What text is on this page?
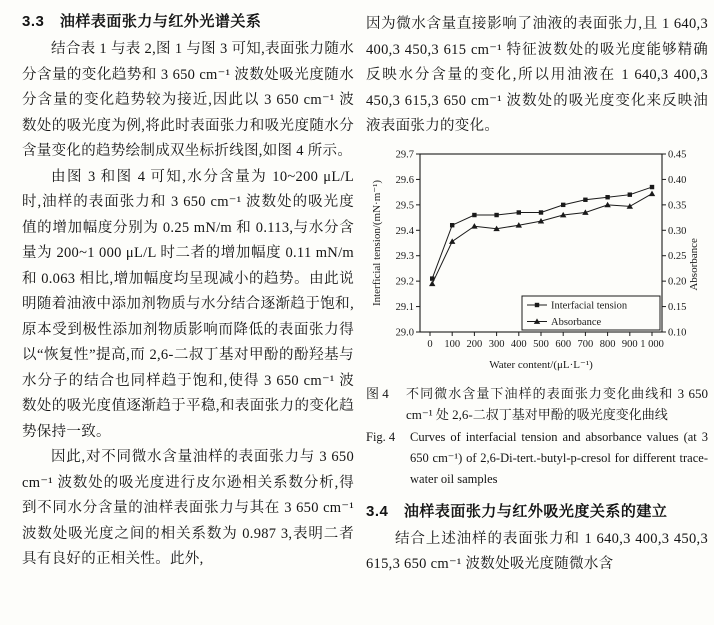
3.3　油样表面张力与红外光谱关系

结合表 1 与表 2,图 1 与图 3 可知,表面张力随水分含量的变化趋势和 3 650 cm⁻¹ 波数处吸光度随水分含量的变化趋势较为接近,因此以 3 650 cm⁻¹ 波数处的吸光度为例,将此时表面张力和吸光度随水分含量变化的趋势绘制成双坐标折线图,如图 4 所示。

由图 3 和图 4 可知,水分含量为 10~200 μL/L 时,油样的表面张力和 3 650 cm⁻¹ 波数处的吸光度值的增加幅度分别为 0.25 mN/m 和 0.113,与水分含量为 200~1 000 μL/L 时二者的增加幅度 0.11 mN/m 和 0.063 相比,增加幅度均呈现减小的趋势。由此说明随着油液中添加剂物质与水分结合逐渐趋于饱和,原本受到极性添加剂物质影响而降低的表面张力得以“恢复性”提高,而 2,6-二叔丁基对甲酚的酚羟基与水分子的结合也同样趋于饱和,使得 3 650 cm⁻¹ 波数处的吸光度值逐渐趋于平稳,和表面张力的变化趋势保持一致。

因此,对不同微水含量油样的表面张力与 3 650 cm⁻¹ 波数处的吸光度进行皮尔逊相关系数分析,得到不同水分含量的油样表面张力与其在 3 650 cm⁻¹ 波数处吸光度之间的相关系数为 0.987 3,表明二者具有良好的正相关性。此外,

因为微水含量直接影响了油液的表面张力,且 1 640,3 400,3 450,3 615 cm⁻¹ 特征波数处的吸光度能够精确反映水分含量的变化,所以用油液在 1 640,3 400,3 450,3 615,3 650 cm⁻¹ 波数处的吸光度变化来反映油液表面张力的变化。

0 100 200 300 400 500 600 700 800 900 1 000
29.0
29.1
29.2
29.3
29.4
29.5
29.6
29.7
0.10
0.15
0.20
0.25
0.30
0.35
0.40
0.45
Water content/(μL·L⁻¹)
Interficial tension/(mN·m⁻¹)	Absorbance
Interfacial tension
Absorbance
图 4	不同微水含量下油样的表面张力变化曲线和 3 650 cm⁻¹ 处 2,6-二叔丁基对甲酚的吸光度变化曲线
Fig. 4	Curves of interfacial tension and absorbance values (at 3 650 cm⁻¹) of 2,6-Di-tert.-butyl-p-cresol for different trace-water oil samples
3.4　油样表面张力与红外吸光度关系的建立

结合上述油样的表面张力和 1 640,3 400,3 450,3 615,3 650 cm⁻¹ 波数处吸光度随微水含
